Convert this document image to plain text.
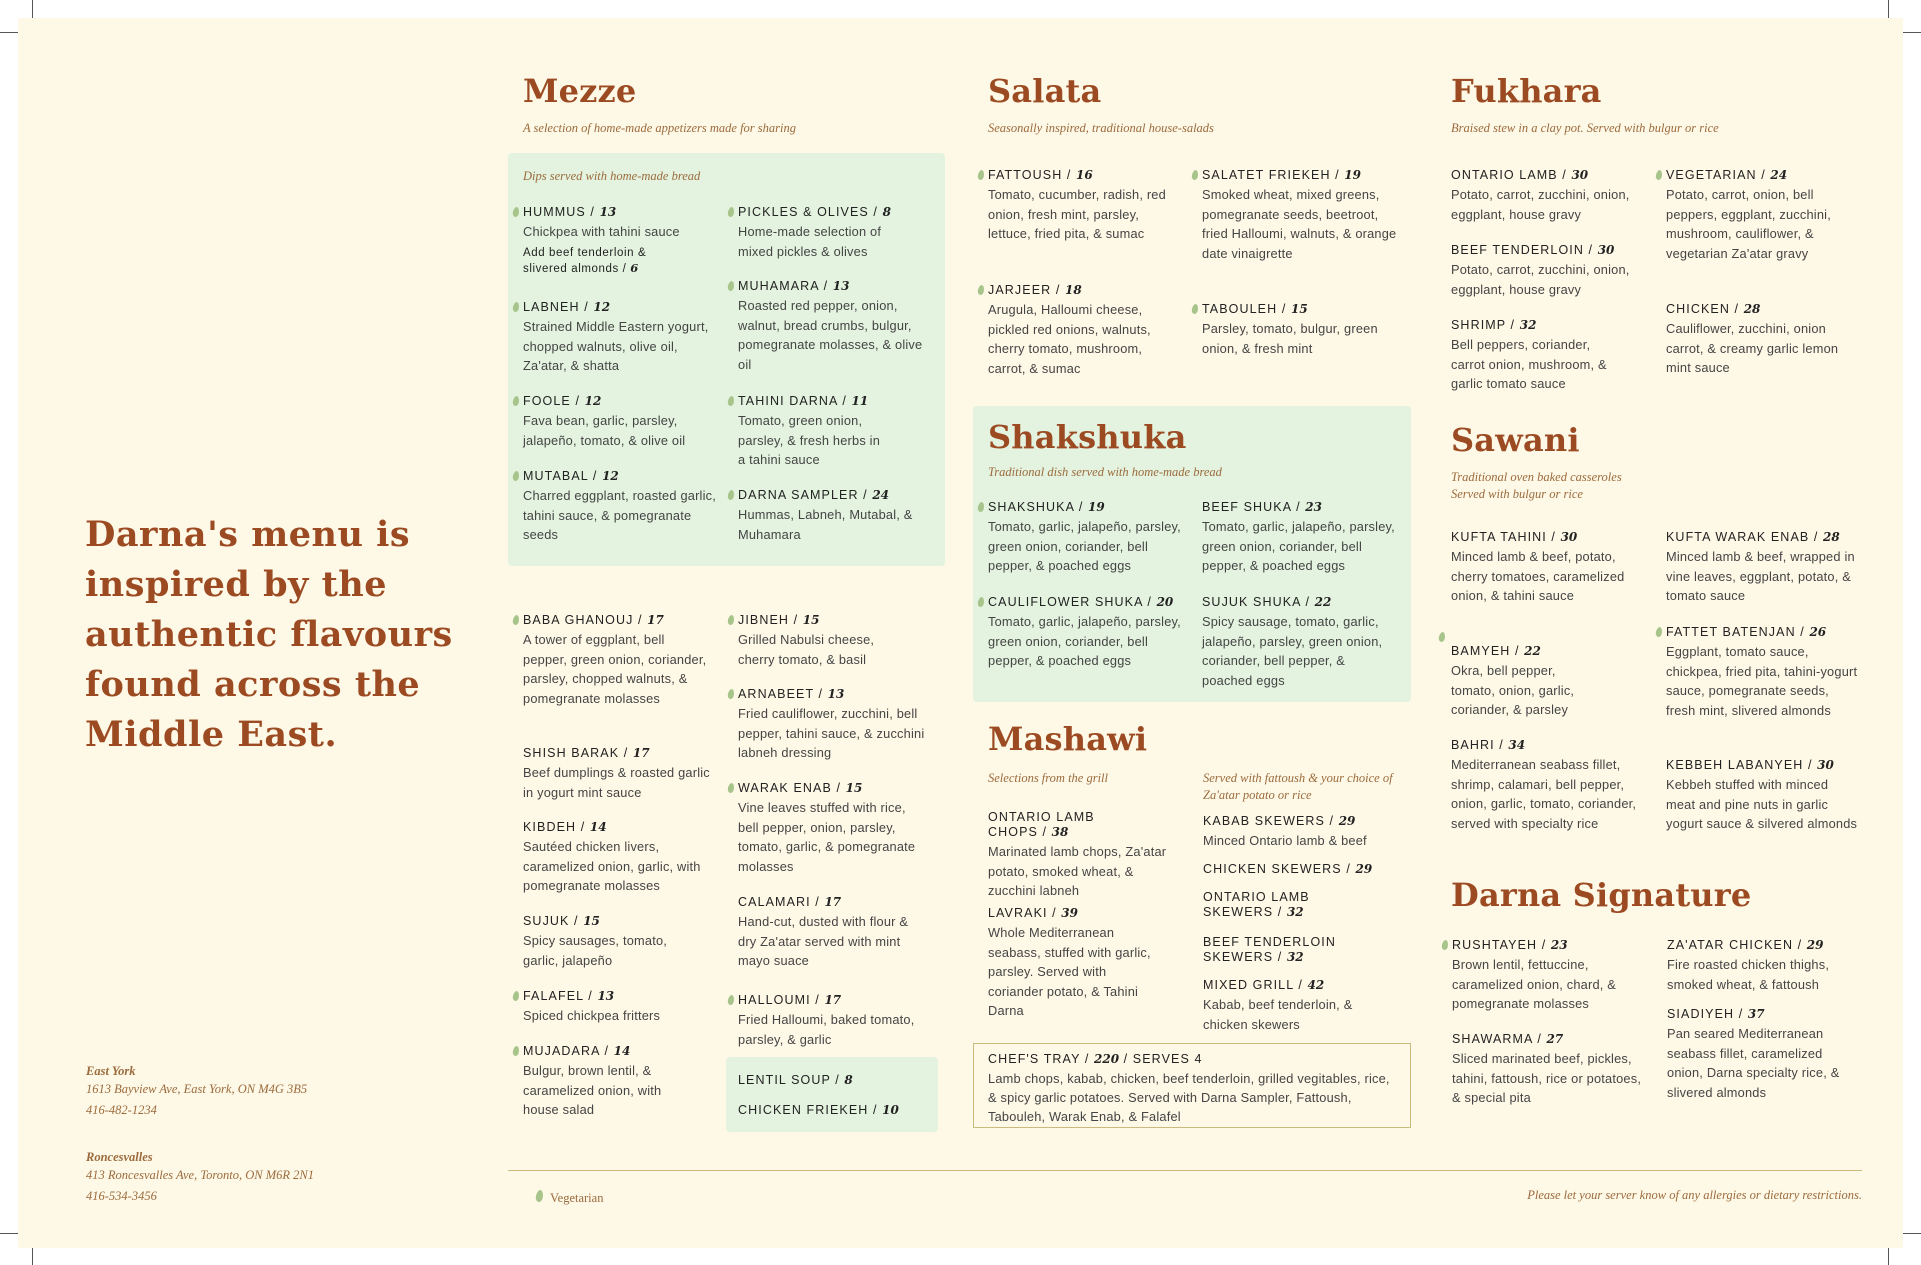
Darna's menu is inspired by the authentic flavours found across the Middle East.
East York
1613 Bayview Ave, East York, ON M4G 3B5
416-482-1234
Roncesvalles
413 Roncesvalles Ave, Toronto, ON M6R 2N1
416-534-3456
Mezze
A selection of home-made appetizers made for sharing
Dips served with home-made bread
HUMMUS / 13
Chickpea with tahini sauce
Add beef tenderloin & slivered almonds / 6
LABNEH / 12
Strained Middle Eastern yogurt, chopped walnuts, olive oil, Za'atar, & shatta
FOOLE / 12
Fava bean, garlic, parsley, jalapeño, tomato, & olive oil
MUTABAL / 12
Charred eggplant, roasted garlic, tahini sauce, & pomegranate seeds
PICKLES & OLIVES / 8
Home-made selection of mixed pickles & olives
MUHAMARA / 13
Roasted red pepper, onion, walnut, bread crumbs, bulgur, pomegranate molasses, & olive oil
TAHINI DARNA / 11
Tomato, green onion, parsley, & fresh herbs in a tahini sauce
DARNA SAMPLER / 24
Hummas, Labneh, Mutabal, & Muhamara
BABA GHANOUJ / 17
A tower of eggplant, bell pepper, green onion, coriander, parsley, chopped walnuts, & pomegranate molasses
SHISH BARAK / 17
Beef dumplings & roasted garlic in yogurt mint sauce
KIBDEH / 14
Sautéed chicken livers, caramelized onion, garlic, with pomegranate molasses
SUJUK / 15
Spicy sausages, tomato, garlic, jalapeño
FALAFEL / 13
Spiced chickpea fritters
MUJADARA / 14
Bulgur, brown lentil, & caramelized onion, with house salad
JIBNEH / 15
Grilled Nabulsi cheese, cherry tomato, & basil
ARNABEET / 13
Fried cauliflower, zucchini, bell pepper, tahini sauce, & zucchini labneh dressing
WARAK ENAB / 15
Vine leaves stuffed with rice, bell pepper, onion, parsley, tomato, garlic, & pomegranate molasses
CALAMARI / 17
Hand-cut, dusted with flour & dry Za'atar served with mint mayo suace
HALLOUMI / 17
Fried Halloumi, baked tomato, parsley, & garlic
LENTIL SOUP / 8
CHICKEN FRIEKEH / 10
Salata
Seasonally inspired, traditional house-salads
FATTOUSH / 16
Tomato, cucumber, radish, red onion, fresh mint, parsley, lettuce, fried pita, & sumac
JARJEER / 18
Arugula, Halloumi cheese, pickled red onions, walnuts, cherry tomato, mushroom, carrot, & sumac
SALATET FRIEKEH / 19
Smoked wheat, mixed greens, pomegranate seeds, beetroot, fried Halloumi, walnuts, & orange date vinaigrette
TABOULEH / 15
Parsley, tomato, bulgur, green onion, & fresh mint
Shakshuka
Traditional dish served with home-made bread
SHAKSHUKA / 19
Tomato, garlic, jalapeño, parsley, green onion, coriander, bell pepper, & poached eggs
CAULIFLOWER SHUKA / 20
Tomato, garlic, jalapeño, parsley, green onion, coriander, bell pepper, & poached eggs
BEEF SHUKA / 23
Tomato, garlic, jalapeño, parsley, green onion, coriander, bell pepper, & poached eggs
SUJUK SHUKA / 22
Spicy sausage, tomato, garlic, jalapeño, parsley, green onion, coriander, bell pepper, & poached eggs
Mashawi
Selections from the grill	Served with fattoush & your choice of Za'atar potato or rice
ONTARIO LAMB CHOPS / 38
Marinated lamb chops, Za'atar potato, smoked wheat, & zucchini labneh
LAVRAKI / 39
Whole Mediterranean seabass, stuffed with garlic, parsley. Served with coriander potato, & Tahini Darna
KABAB SKEWERS / 29
Minced Ontario lamb & beef
CHICKEN SKEWERS / 29
ONTARIO LAMB SKEWERS / 32
BEEF TENDERLOIN SKEWERS / 32
MIXED GRILL / 42
Kabab, beef tenderloin, & chicken skewers
CHEF'S TRAY / 220 / SERVES 4
Lamb chops, kabab, chicken, beef tenderloin, grilled vegitables, rice, & spicy garlic potatoes. Served with Darna Sampler, Fattoush, Tabouleh, Warak Enab, & Falafel
Fukhara
Braised stew in a clay pot. Served with bulgur or rice
ONTARIO LAMB / 30
Potato, carrot, zucchini, onion, eggplant, house gravy
BEEF TENDERLOIN / 30
Potato, carrot, zucchini, onion, eggplant, house gravy
SHRIMP / 32
Bell peppers, coriander, carrot onion, mushroom, & garlic tomato sauce
VEGETARIAN / 24
Potato, carrot, onion, bell peppers, eggplant, zucchini, mushroom, cauliflower, & vegetarian Za'atar gravy
CHICKEN / 28
Cauliflower, zucchini, onion carrot, & creamy garlic lemon mint sauce
Sawani
Traditional oven baked casseroles Served with bulgur or rice
KUFTA TAHINI / 30
Minced lamb & beef, potato, cherry tomatoes, caramelized onion, & tahini sauce
BAMYEH / 22
Okra, bell pepper, tomato, onion, garlic, coriander, & parsley
BAHRI / 34
Mediterranean seabass fillet, shrimp, calamari, bell pepper, onion, garlic, tomato, coriander, served with specialty rice
KUFTA WARAK ENAB / 28
Minced lamb & beef, wrapped in vine leaves, eggplant, potato, & tomato sauce
FATTET BATENJAN / 26
Eggplant, tomato sauce, chickpea, fried pita, tahini-yogurt sauce, pomegranate seeds, fresh mint, slivered almonds
KEBBEH LABANYEH / 30
Kebbeh stuffed with minced meat and pine nuts in garlic yogurt sauce & silvered almonds
Darna Signature
RUSHTAYEH / 23
Brown lentil, fettuccine, caramelized onion, chard, & pomegranate molasses
SHAWARMA / 27
Sliced marinated beef, pickles, tahini, fattoush, rice or potatoes, & special pita
ZA'ATAR CHICKEN / 29
Fire roasted chicken thighs, smoked wheat, & fattoush
SIADIYEH / 37
Pan seared Mediterranean seabass fillet, caramelized onion, Darna specialty rice, & slivered almonds
Vegetarian	Please let your server know of any allergies or dietary restrictions.
